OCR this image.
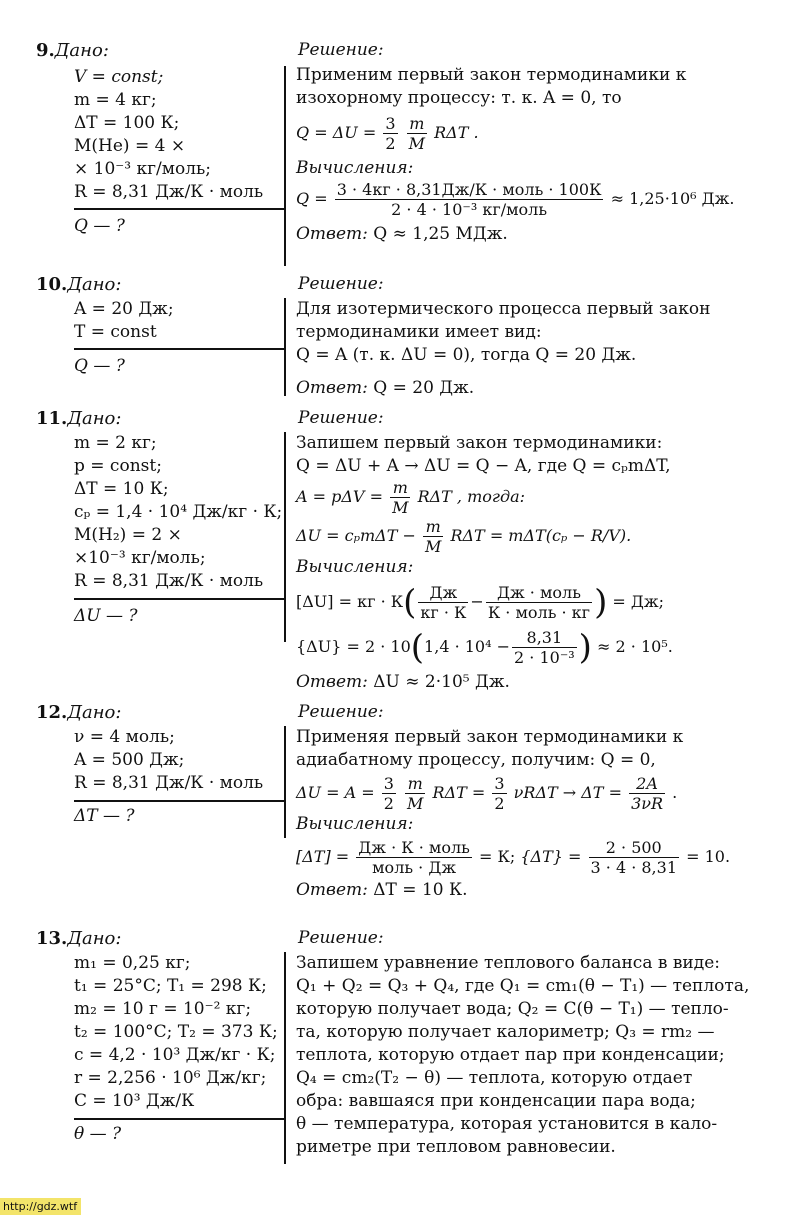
9.Дано:
V = const;
m = 4 кг;
ΔT = 100 К;
M(He) = 4 ×
× 10⁻³ кг/моль;
R = 8,31 Дж/К · моль
Q — ?
Решение:
Применим первый закон термодинамики к
изохорному процессу: т. к. A = 0, то
$Q = \Delta U = \frac{3}{2}$
$\frac{m}{M}$ RΔT .
Вычисления:
$Q = \frac{\text{3 · 4кг · 8,31Дж/К · моль · 100К}}{\text{2 · 4 · 10⁻³ кг/моль}} \approx 1,25\cdot 10^6$ Дж.
Ответ: Q ≈ 1,25 МДж.
10.Дано:
A = 20 Дж;
T = const
Q — ?
Решение:
Для изотермического процесса первый закон
термодинамики имеет вид:
Q = A (т. к. ΔU = 0), тогда Q = 20 Дж.
Ответ: Q = 20 Дж.
11.Дано:
m = 2 кг;
p = const;
ΔT = 10 К;
cₚ = 1,4 · 10⁴ Дж/кг · К;
M(H₂) = 2 ×
×10⁻³ кг/моль;
R = 8,31 Дж/К · моль
ΔU — ?
Решение:
Запишем первый закон термодинамики:
Q = ΔU + A → ΔU = Q − A, где Q = cₚmΔT,
$A = p\Delta V = \frac{m}{M}$ RΔT , тогда:
$\Delta U = c_pm\Delta T - \frac{m}{M}$ RΔT = mΔT(cₚ − R/V).
Вычисления:
[ΔU] = кг · $К( \frac{Дж}{кг \cdot К} - \frac{\text{Дж · моль}}{\text{К · моль · кг}}$ ) = Дж;
$\{\Delta U\} = 2 \cdot 10(1,4 \cdot 10^4 - \frac{8,31}{\text{2 · 10⁻³}}$ ) ≈ 2 · 10⁵.
Ответ: ΔU ≈ 2·10⁵ Дж.
12.Дано:
ν = 4 моль;
A = 500 Дж;
R = 8,31 Дж/К · моль
ΔT — ?
Решение:
Применяя первый закон термодинамики к
адиабатному процессу, получим: Q = 0,
$\Delta U = A = \frac{3}{2}$
$\frac{m}{M}$ $R\Delta T = \frac{3}{2}$ $\nu R\Delta T \to \Delta T = \frac{2A}{3\nu R}$ .
Вычисления:
$[\Delta T] = \frac{\text{Дж · К · моль}}{\text{моль · Дж}} = К$; $\{\Delta T\} = \frac{2 \cdot 500}{3 \cdot 4 \cdot 8,31} = 10$.
Ответ: ΔT = 10 К.
13.Дано:
m₁ = 0,25 кг;
t₁ = 25°С; T₁ = 298 К;
m₂ = 10 г = 10⁻² кг;
t₂ = 100°С; T₂ = 373 К;
c = 4,2 · 10³ Дж/кг · К;
r = 2,256 · 10⁶ Дж/кг;
C = 10³ Дж/К
θ — ?
Решение:
Запишем уравнение теплового баланса в виде:
Q₁ + Q₂ = Q₃ + Q₄, где Q₁ = cm₁(θ − T₁) — теплота,
которую получает вода; Q₂ = C(θ − T₁) — тепло-
та, которую получает калориметр; Q₃ = rm₂ —
теплота, которую отдает пар при конденсации;
Q₄ = cm₂(T₂ − θ) — теплота, которую отдает
обра: вавшаяся при конденсации пара вода;
θ — температура, которая установится в кало-
риметре при тепловом равновесии.
http://gdz.wtf
